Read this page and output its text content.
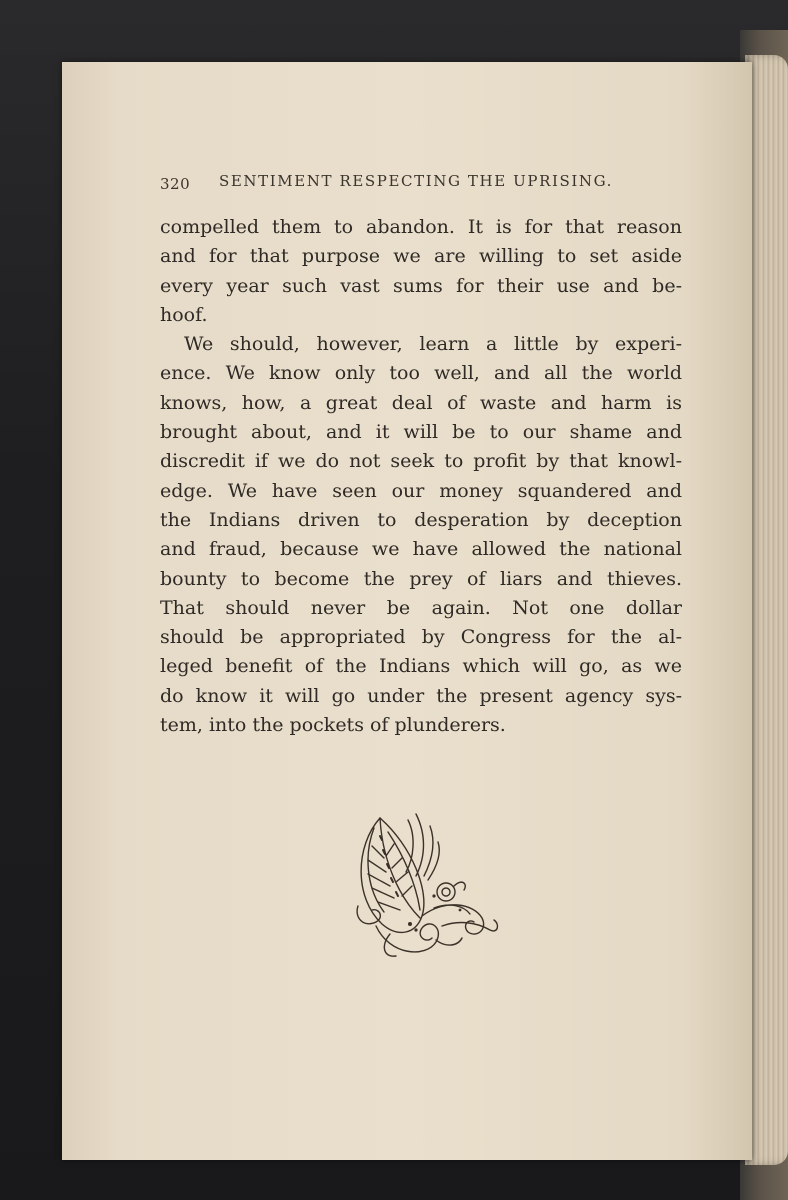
320 SENTIMENT RESPECTING THE UPRISING.
compelled them to abandon. It is for that reason
and for that purpose we are willing to set aside
every year such vast sums for their use and be-
hoof.
We should, however, learn a little by experi-
ence. We know only too well, and all the world
knows, how, a great deal of waste and harm is
brought about, and it will be to our shame and
discredit if we do not seek to profit by that knowl-
edge. We have seen our money squandered and
the Indians driven to desperation by deception
and fraud, because we have allowed the national
bounty to become the prey of liars and thieves.
That should never be again. Not one dollar
should be appropriated by Congress for the al-
leged benefit of the Indians which will go, as we
do know it will go under the present agency sys-
tem, into the pockets of plunderers.
